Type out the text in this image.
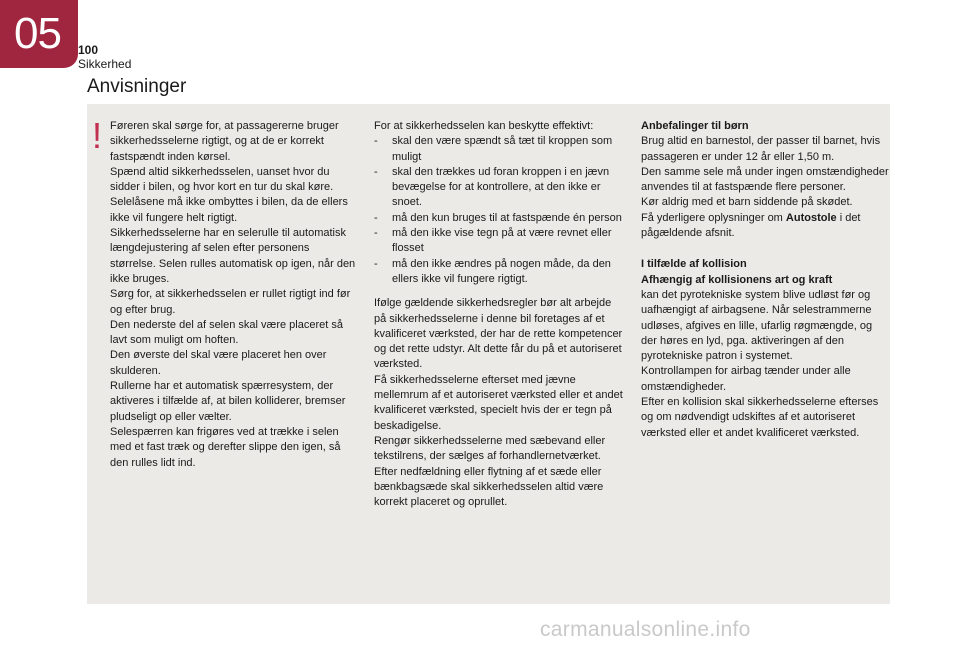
05 100
Sikkerhed
Anvisninger
! Føreren skal sørge for, at passagererne bruger sikkerhedsselerne rigtigt, og at de er korrekt fastspændt inden kørsel.

Spænd altid sikkerhedsselen, uanset hvor du sidder i bilen, og hvor kort en tur du skal køre.

Selelåsene må ikke ombyttes i bilen, da de ellers ikke vil fungere helt rigtigt.

Sikkerhedsselerne har en selerulle til automatisk længdejustering af selen efter personens størrelse. Selen rulles automatisk op igen, når den ikke bruges.

Sørg for, at sikkerhedsselen er rullet rigtigt ind før og efter brug.

Den nederste del af selen skal være placeret så lavt som muligt om hoften.

Den øverste del skal være placeret hen over skulderen.

Rullerne har et automatisk spærresystem, der aktiveres i tilfælde af, at bilen kolliderer, bremser pludseligt op eller vælter.

Selespærren kan frigøres ved at trække i selen med et fast træk og derefter slippe den igen, så den rulles lidt ind.

For at sikkerhedsselen kan beskytte effektivt:

- skal den være spændt så tæt til kroppen som muligt

- skal den trækkes ud foran kroppen i en jævn bevægelse for at kontrollere, at den ikke er snoet.

- må den kun bruges til at fastspænde én person

- må den ikke vise tegn på at være revnet eller flosset

- må den ikke ændres på nogen måde, da den ellers ikke vil fungere rigtigt.

Ifølge gældende sikkerhedsregler bør alt arbejde på sikkerhedsselerne i denne bil foretages af et kvalificeret værksted, der har de rette kompetencer og det rette udstyr. Alt dette får du på et autoriseret værksted.

Få sikkerhedsselerne efterset med jævne mellemrum af et autoriseret værksted eller et andet kvalificeret værksted, specielt hvis der er tegn på beskadigelse.

Rengør sikkerhedsselerne med sæbevand eller tekstilrens, der sælges af forhandlernetværket.

Efter nedfældning eller flytning af et sæde eller bænkbagsæde skal sikkerhedsselen altid være korrekt placeret og oprullet.

Anbefalinger til børn

Brug altid en barnestol, der passer til barnet, hvis passageren er under 12 år eller 1,50 m.

Den samme sele må under ingen omstændigheder anvendes til at fastspænde flere personer.

Kør aldrig med et barn siddende på skødet.

Få yderligere oplysninger om Autostole i det pågældende afsnit.

I tilfælde af kollision

Afhængig af kollisionens art og kraft

kan det pyrotekniske system blive udløst før og uafhængigt af airbagsene. Når selestrammerne udløses, afgives en lille, ufarlig røgmængde, og der høres en lyd, pga. aktiveringen af den pyrotekniske patron i systemet.

Kontrollampen for airbag tænder under alle omstændigheder.

Efter en kollision skal sikkerhedsselerne efterses og om nødvendigt udskiftes af et autoriseret værksted eller et andet kvalificeret værksted.

carmanualsonline.info
